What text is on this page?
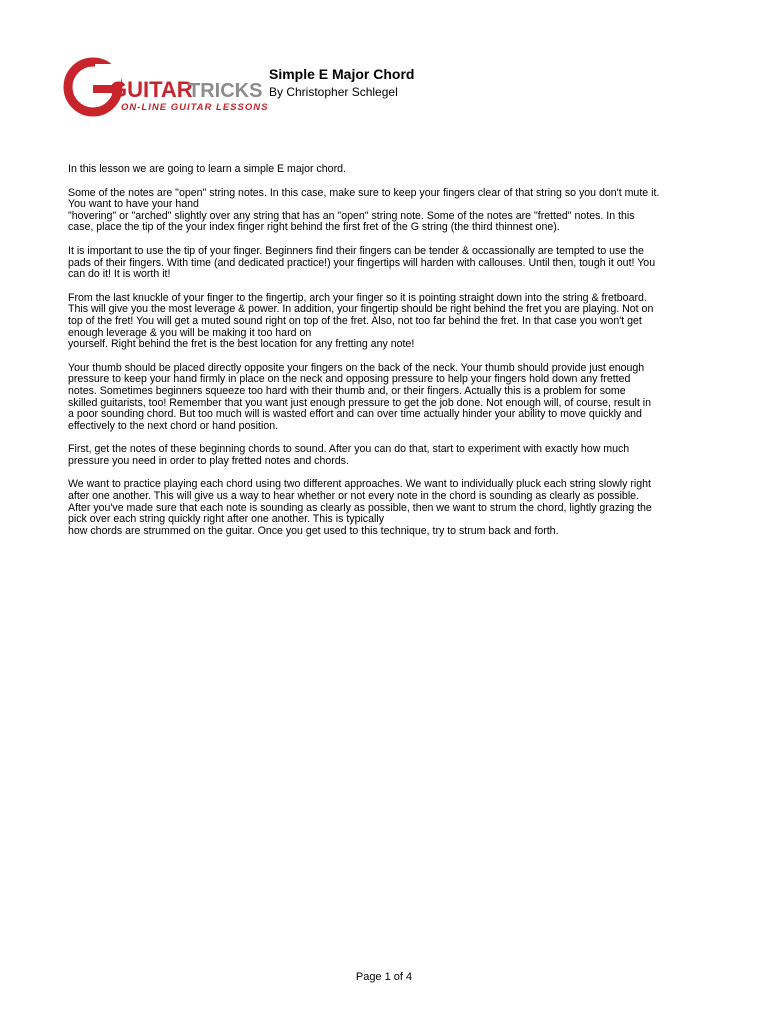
GUITAR
TRICKS
ON-LINE GUITAR LESSONS
Simple E Major Chord
By Christopher Schlegel
In this lesson we are going to learn a simple E major chord.
Some of the notes are "open" string notes. In this case, make sure to keep your fingers clear of that string so you don't mute it.
You want to have your hand
"hovering" or "arched" slightly over any string that has an "open" string note. Some of the notes are "fretted" notes. In this
case, place the tip of the your index finger right behind the first fret of the G string (the third thinnest one).
It is important to use the tip of your finger. Beginners find their fingers can be tender & occassionally are tempted to use the
pads of their fingers. With time (and dedicated practice!) your fingertips will harden with callouses. Until then, tough it out! You
can do it! It is worth it!
From the last knuckle of your finger to the fingertip, arch your finger so it is pointing straight down into the string & fretboard.
This will give you the most leverage & power. In addition, your fingertip should be right behind the fret you are playing. Not on
top of the fret! You will get a muted sound right on top of the fret. Also, not too far behind the fret. In that case you won't get
enough leverage & you will be making it too hard on
yourself. Right behind the fret is the best location for any fretting any note!
Your thumb should be placed directly opposite your fingers on the back of the neck. Your thumb should provide just enough
pressure to keep your hand firmly in place on the neck and opposing pressure to help your fingers hold down any fretted
notes. Sometimes beginners squeeze too hard with their thumb and, or their fingers. Actually this is a problem for some
skilled guitarists, too! Remember that you want just enough pressure to get the job done. Not enough will, of course, result in
a poor sounding chord. But too much will is wasted effort and can over time actually hinder your ability to move quickly and
effectively to the next chord or hand position.
First, get the notes of these beginning chords to sound. After you can do that, start to experiment with exactly how much
pressure you need in order to play fretted notes and chords.
We want to practice playing each chord using two different approaches. We want to individually pluck each string slowly right
after one another. This will give us a way to hear whether or not every note in the chord is sounding as clearly as possible.
After you've made sure that each note is sounding as clearly as possible, then we want to strum the chord, lightly grazing the
pick over each string quickly right after one another. This is typically
how chords are strummed on the guitar. Once you get used to this technique, try to strum back and forth.
Page 1 of 4
